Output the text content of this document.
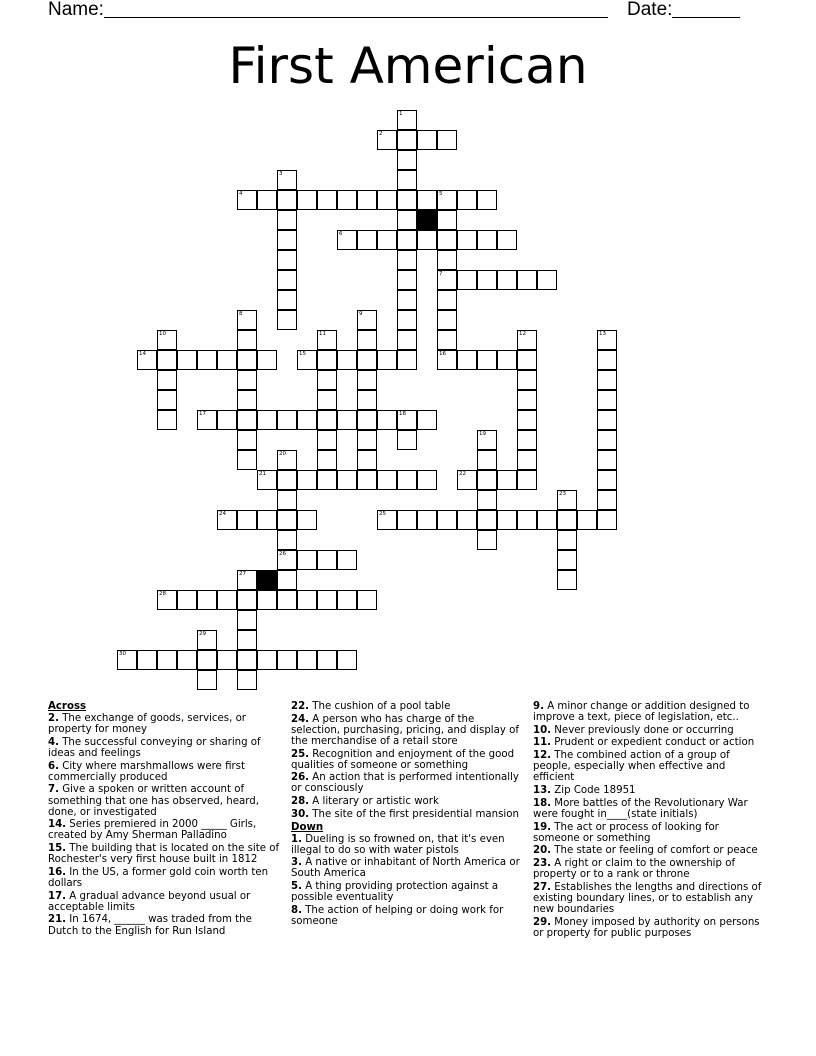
Name:	Date:
First American
2
4	5
6
7
14	15	16
17	18
21	22
24	25
26
28
30
1
3
8	9
10	11	12	13
19
20
23
27
29
Across
2. The exchange of goods, services, or property for money
4. The successful conveying or sharing of ideas and feelings
6. City where marshmallows were first commercially produced
7. Give a spoken or written account of something that one has observed, heard, done, or investigated
14. Series premiered in 2000 _____ Girls, created by Amy Sherman Palladino
15. The building that is located on the site of Rochester's very first house built in 1812
16. In the US, a former gold coin worth ten dollars
17. A gradual advance beyond usual or acceptable limits
21. In 1674, ______ was traded from the Dutch to the English for Run Island
22. The cushion of a pool table
24. A person who has charge of the selection, purchasing, pricing, and display of the merchandise of a retail store
25. Recognition and enjoyment of the good qualities of someone or something
26. An action that is performed intentionally or consciously
28. A literary or artistic work
30. The site of the first presidential mansion
Down
1. Dueling is so frowned on, that it's even illegal to do so with water pistols
3. A native or inhabitant of North America or South America
5. A thing providing protection against a possible eventuality
8. The action of helping or doing work for someone
9. A minor change or addition designed to improve a text, piece of legislation, etc..
10. Never previously done or occurring
11. Prudent or expedient conduct or action
12. The combined action of a group of people, especially when effective and efficient
13. Zip Code 18951
18. More battles of the Revolutionary War were fought in____(state initials)
19. The act or process of looking for someone or something
20. The state or feeling of comfort or peace
23. A right or claim to the ownership of property or to a rank or throne
27. Establishes the lengths and directions of existing boundary lines, or to establish any new boundaries
29. Money imposed by authority on persons or property for public purposes
